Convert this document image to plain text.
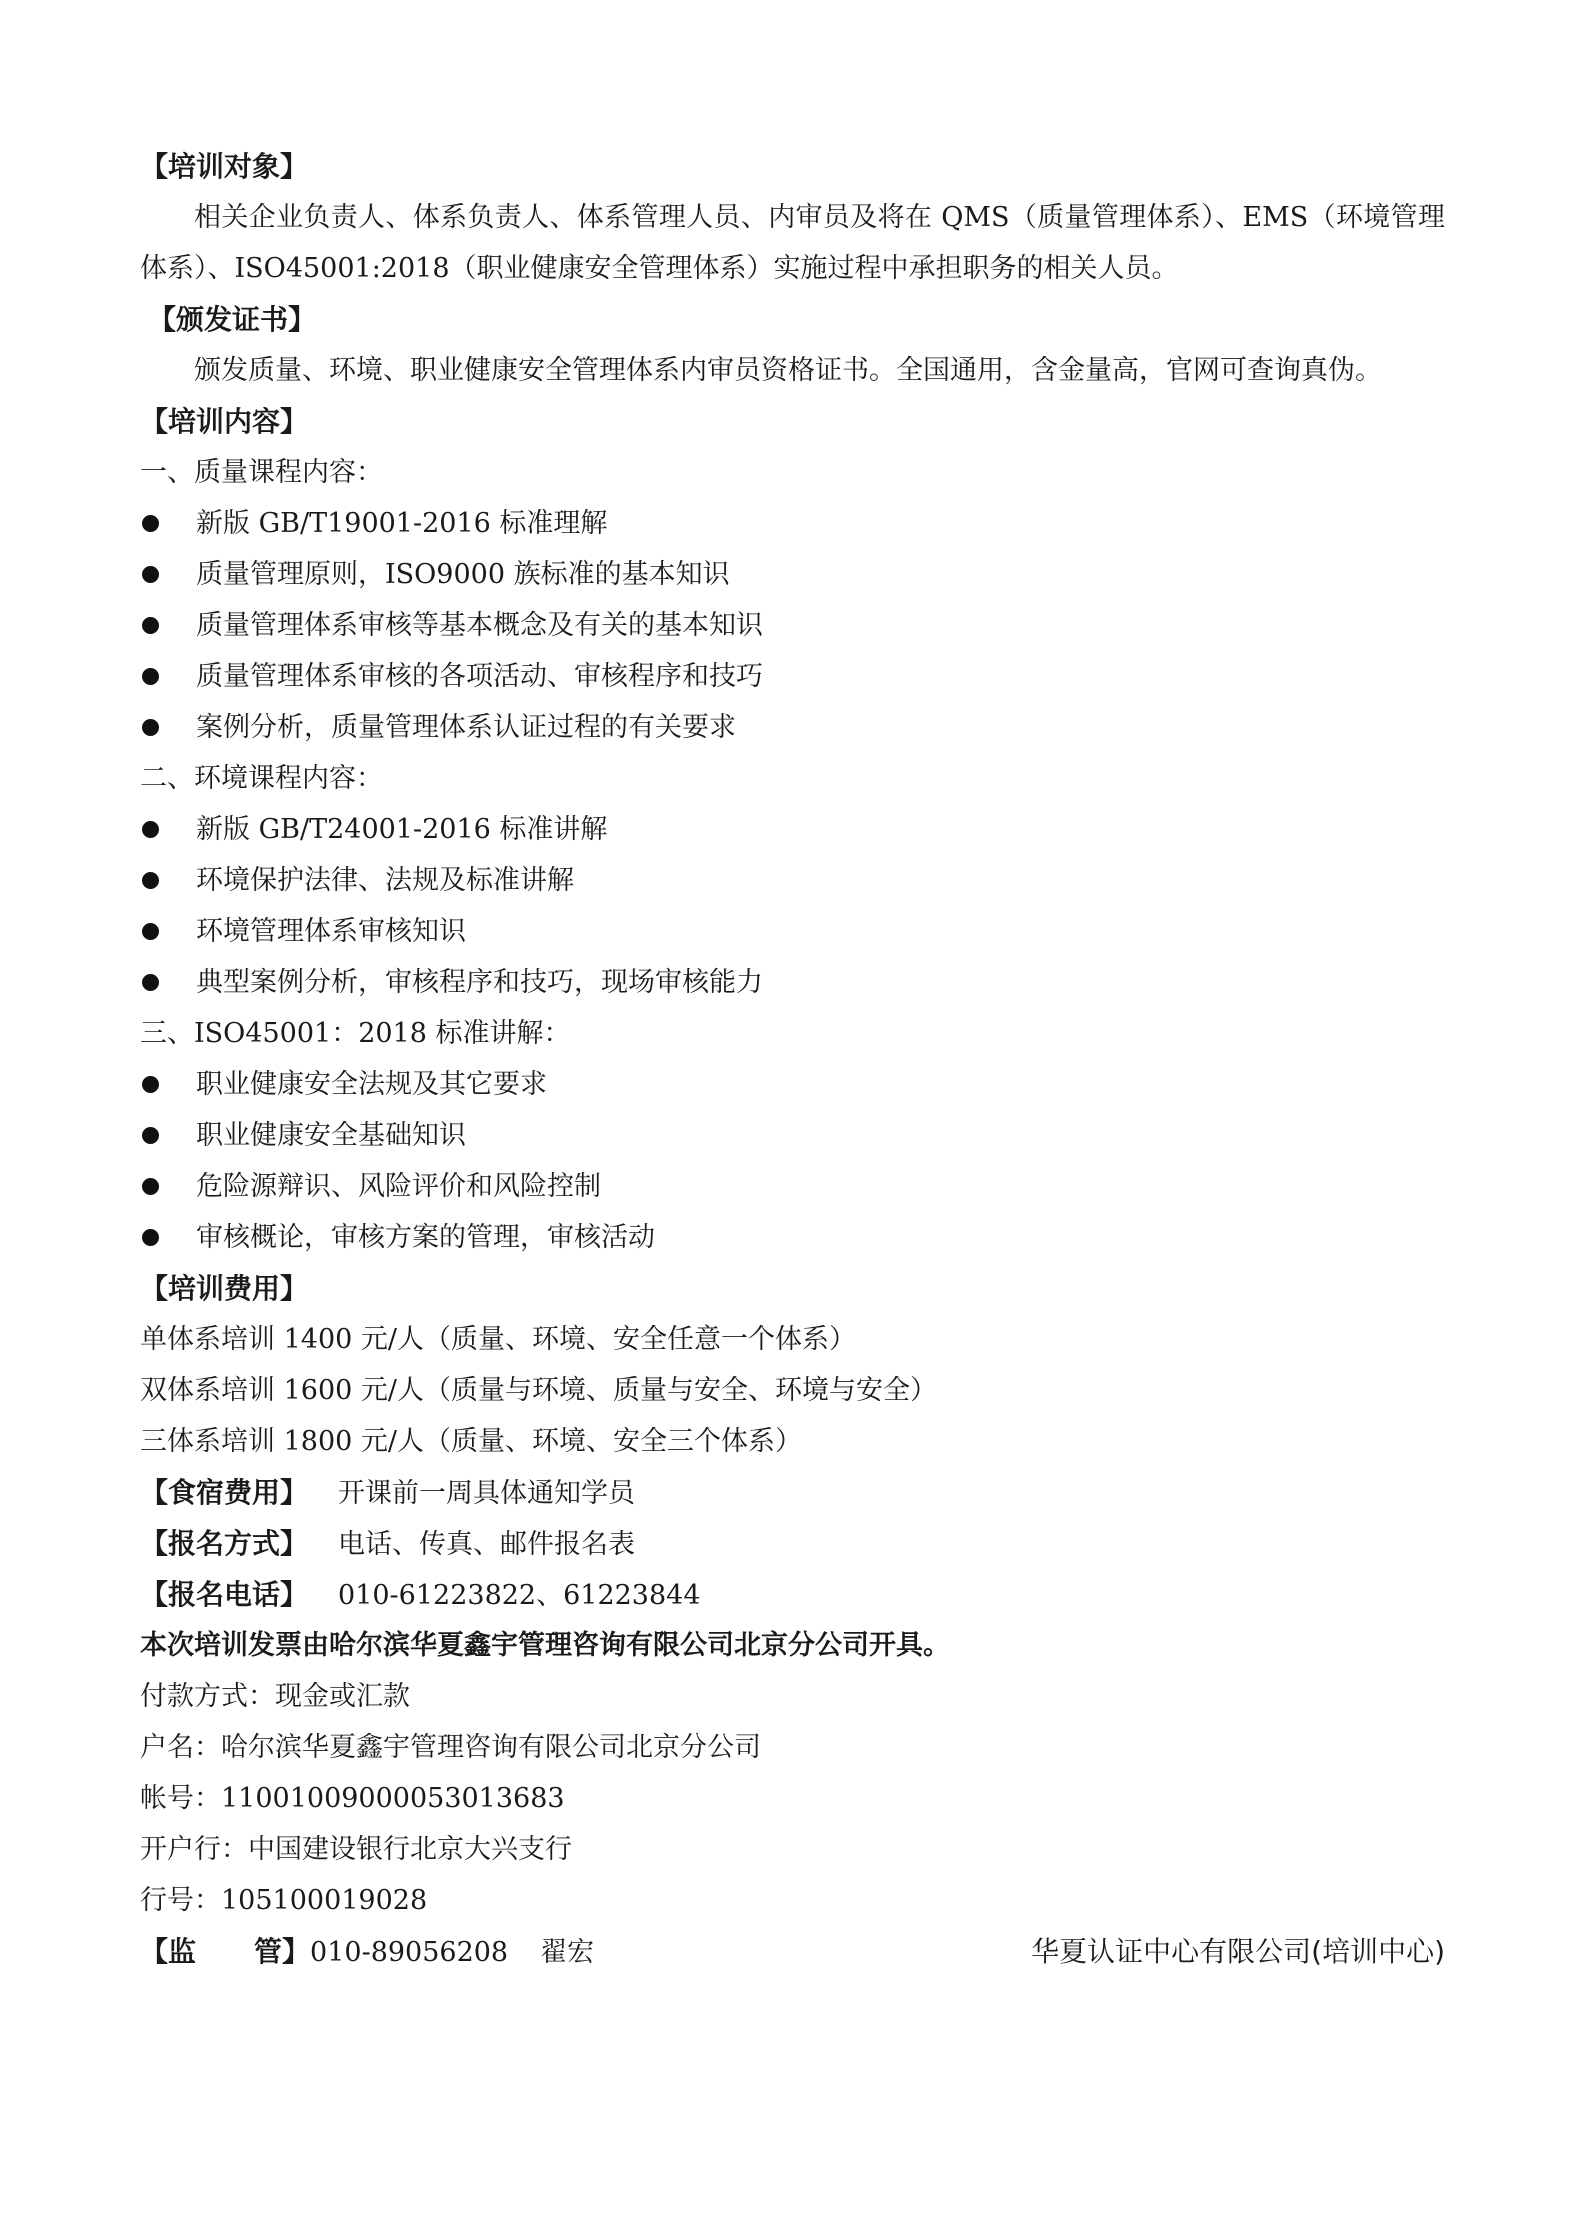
【培训对象】
相关企业负责人、体系负责人、体系管理人员、内审员及将在 QMS（质量管理体系）、EMS（环境管理体系）、ISO45001:2018（职业健康安全管理体系）实施过程中承担职务的相关人员。
【颁发证书】
颁发质量、环境、职业健康安全管理体系内审员资格证书。全国通用，含金量高，官网可查询真伪。
【培训内容】
一、质量课程内容：
新版 GB/T19001-2016 标准理解
质量管理原则，ISO9000 族标准的基本知识
质量管理体系审核等基本概念及有关的基本知识
质量管理体系审核的各项活动、审核程序和技巧
案例分析，质量管理体系认证过程的有关要求
二、环境课程内容：
新版 GB/T24001-2016 标准讲解
环境保护法律、法规及标准讲解
环境管理体系审核知识
典型案例分析，审核程序和技巧，现场审核能力
三、ISO45001：2018 标准讲解：
职业健康安全法规及其它要求
职业健康安全基础知识
危险源辩识、风险评价和风险控制
审核概论，审核方案的管理，审核活动
【培训费用】
单体系培训 1400 元/人（质量、环境、安全任意一个体系）
双体系培训 1600 元/人（质量与环境、质量与安全、环境与安全）
三体系培训 1800 元/人（质量、环境、安全三个体系）
【食宿费用】 开课前一周具体通知学员
【报名方式】 电话、传真、邮件报名表
【报名电话】 010-61223822、61223844
本次培训发票由哈尔滨华夏鑫宇管理咨询有限公司北京分公司开具。
付款方式：现金或汇款
户名：哈尔滨华夏鑫宇管理咨询有限公司北京分公司
帐号：11001009000053013683
开户行：中国建设银行北京大兴支行
行号：105100019028
【监 管】010-89056208 翟宏	华夏认证中心有限公司(培训中心)
